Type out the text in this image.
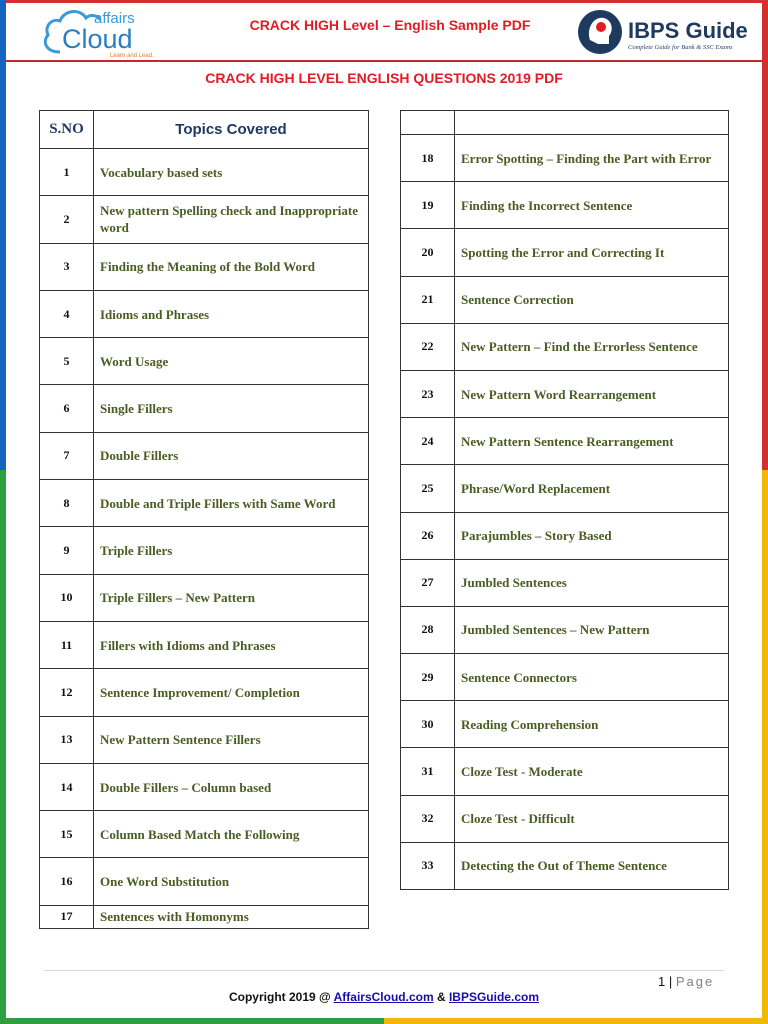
affairs
Cloud
Learn and Lead.
CRACK HIGH Level – English Sample PDF	IBPS Guide
Complete Guide for Bank & SSC Exams
CRACK HIGH LEVEL ENGLISH QUESTIONS 2019 PDF
S.NO	Topics Covered
1	Vocabulary based sets
2	New pattern Spelling check and Inappropriate word
3	Finding the Meaning of the Bold Word
4	Idioms and Phrases
5	Word Usage
6	Single Fillers
7	Double Fillers
8	Double and Triple Fillers with Same Word
9	Triple Fillers
10	Triple Fillers – New Pattern
11	Fillers with Idioms and Phrases
12	Sentence Improvement/ Completion
13	New Pattern Sentence Fillers
14	Double Fillers – Column based
15	Column Based Match the Following
16	One Word Substitution
17	Sentences with Homonyms

18	Error Spotting – Finding the Part with Error
19	Finding the Incorrect Sentence
20	Spotting the Error and Correcting It
21	Sentence Correction
22	New Pattern – Find the Errorless Sentence
23	New Pattern Word Rearrangement
24	New Pattern Sentence Rearrangement
25	Phrase/Word Replacement
26	Parajumbles – Story Based
27	Jumbled Sentences
28	Jumbled Sentences – New Pattern
29	Sentence Connectors
30	Reading Comprehension
31	Cloze Test - Moderate
32	Cloze Test - Difficult
33	Detecting the Out of Theme Sentence
1 | Page
Copyright 2019 @ AffairsCloud.com & IBPSGuide.com
